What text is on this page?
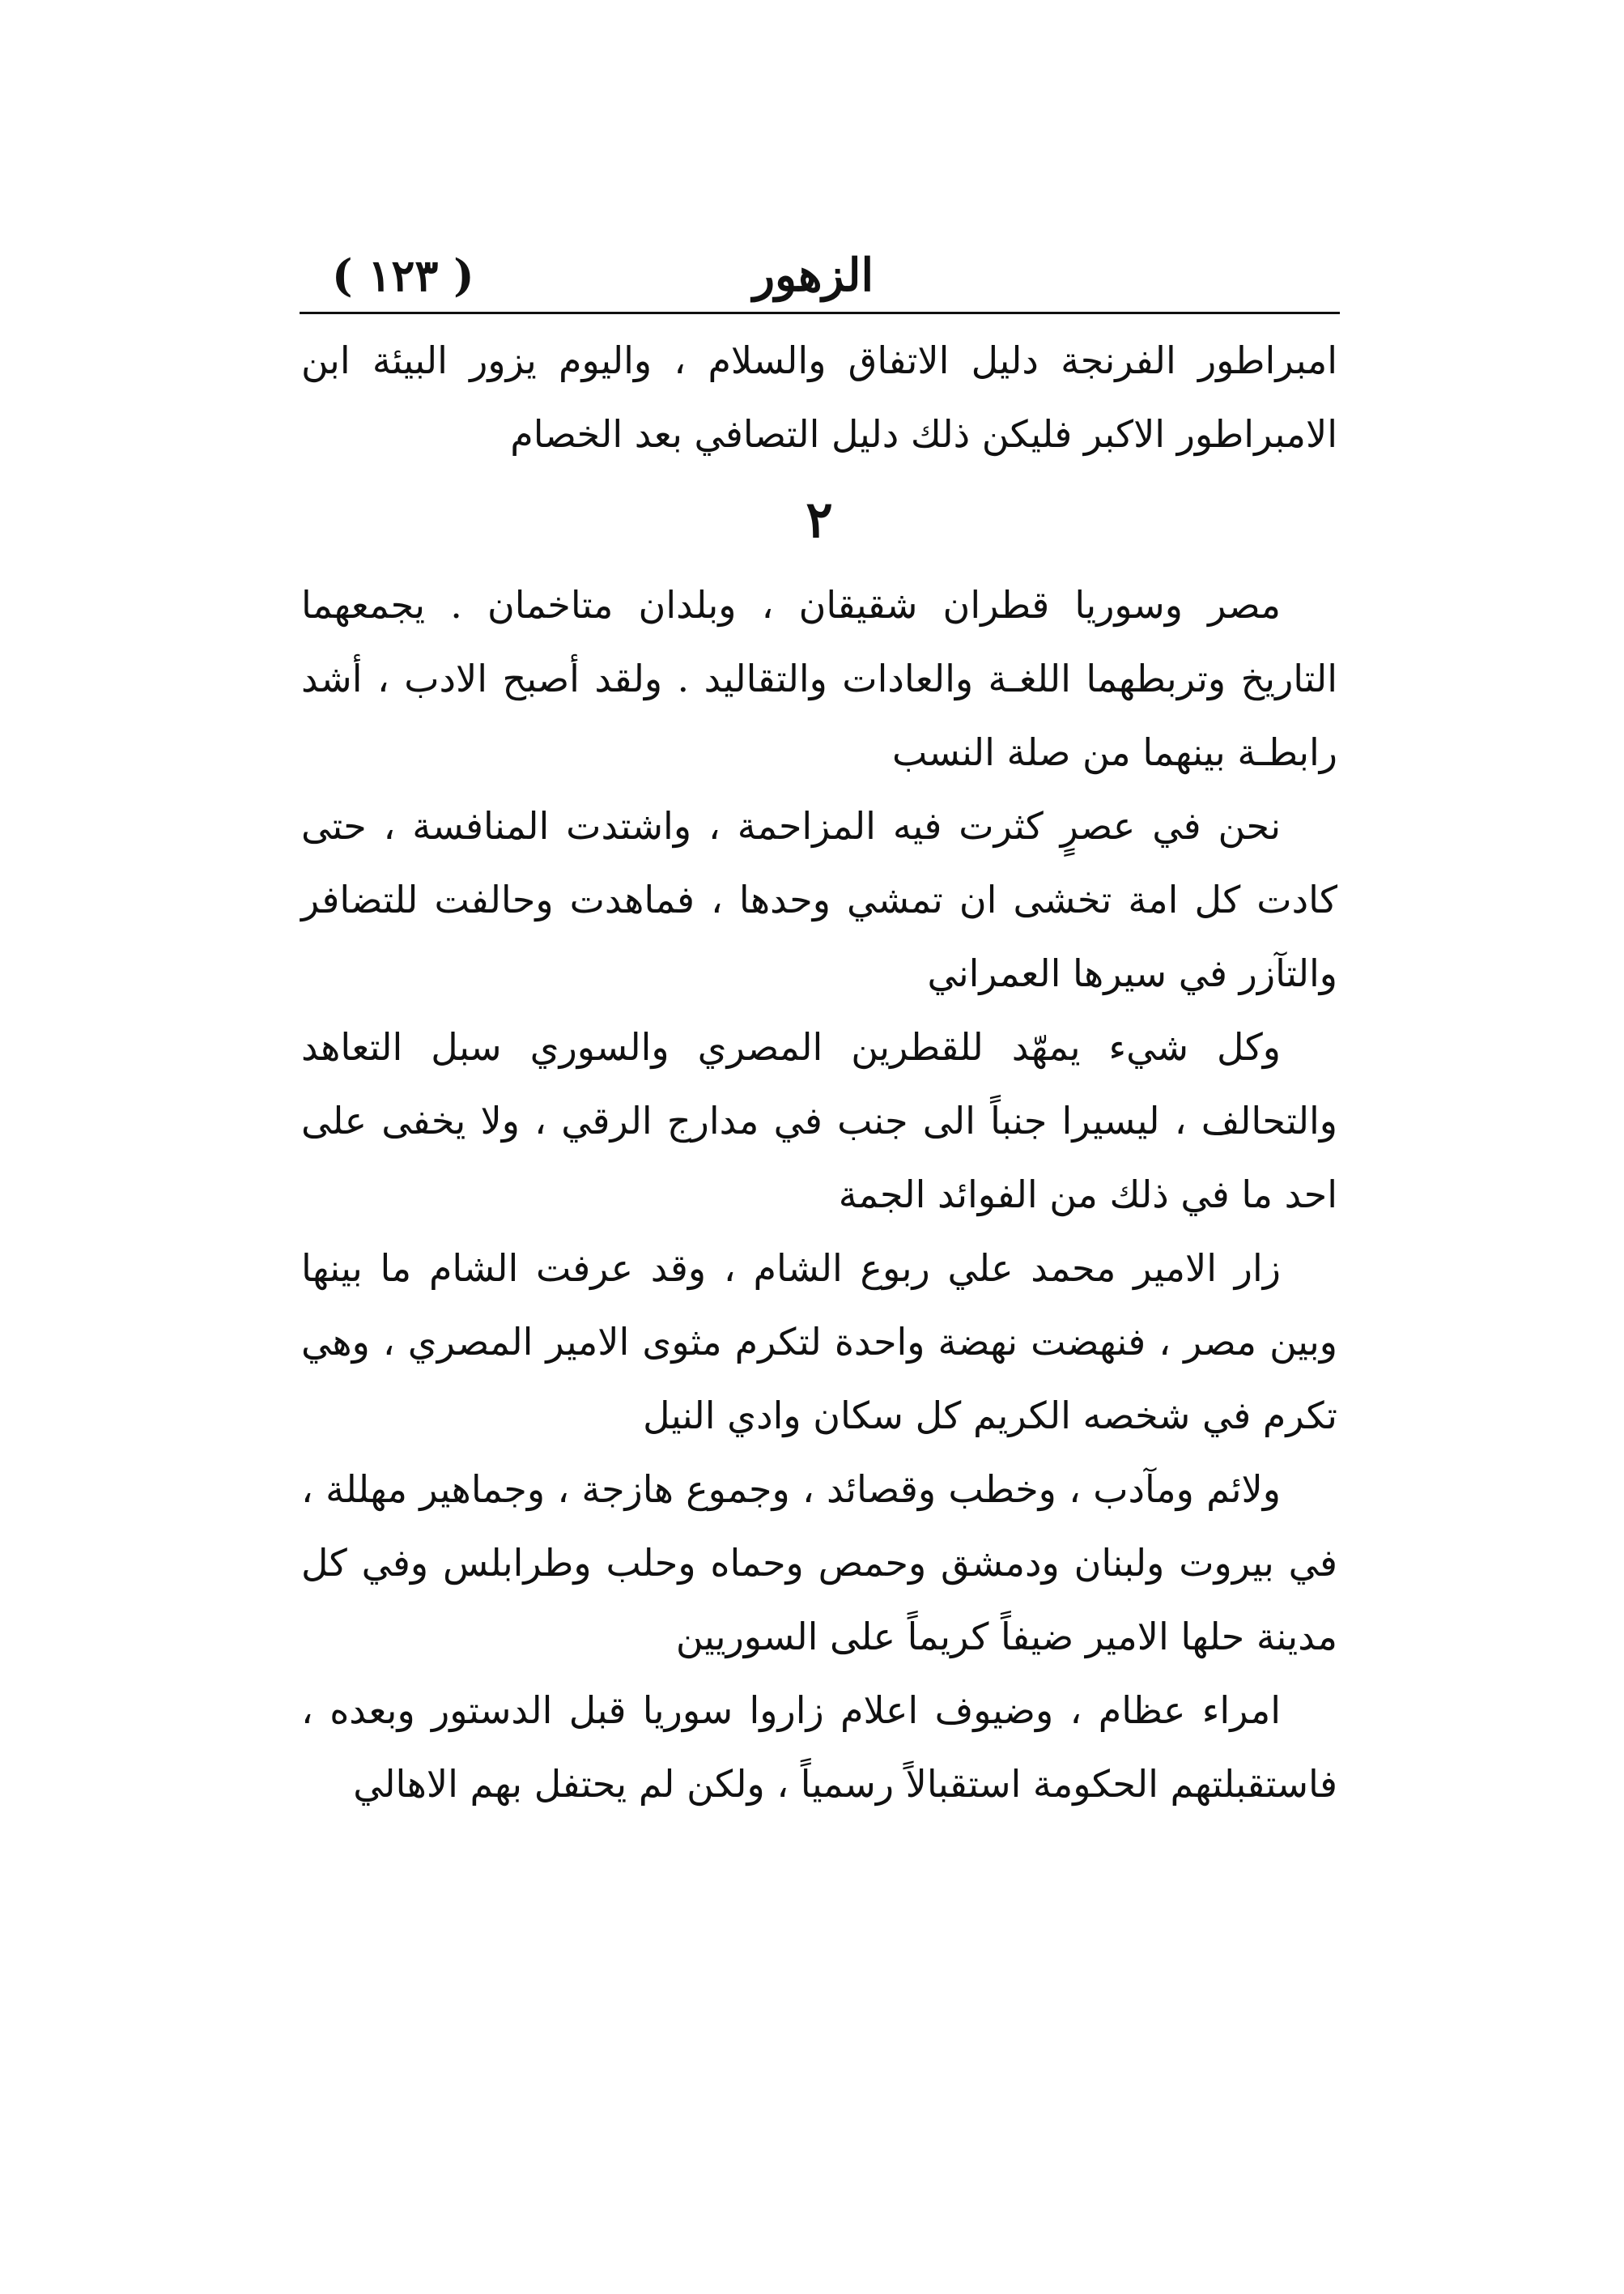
( ١٢٣ )	الزهور

امبراطور الفرنجة دليل الاتفاق والسلام ، واليوم يزور البيئة ابن الامبراطور الاكبر فليكن ذلك دليل التصافي بعد الخصام

٢

مصر وسوريا قطران شقيقان ، وبلدان متاخمان . يجمعهما التاريخ وتربطهما اللغـة والعادات والتقاليد . ولقد أصبح الادب ، أشد رابطـة بينهما من صلة النسب

نحن في عصرٍ كثرت فيه المزاحمة ، واشتدت المنافسة ، حتى كادت كل امة تخشى ان تمشي وحدها ، فماهدت وحالفت للتضافر والتآزر في سيرها العمراني

وكل شيء يمهّد للقطرين المصري والسوري سبل التعاهد والتحالف ، ليسيرا جنباً الى جنب في مدارج الرقي ، ولا يخفى على احد ما في ذلك من الفوائد الجمة

زار الامير محمد علي ربوع الشام ، وقد عرفت الشام ما بينها وبين مصر ، فنهضت نهضة واحدة لتكرم مثوى الامير المصري ، وهي تكرم في شخصه الكريم كل سكان وادي النيل

ولائم ومآدب ، وخطب وقصائد ، وجموع هازجة ، وجماهير مهللة ، في بيروت ولبنان ودمشق وحمص وحماه وحلب وطرابلس وفي كل مدينة حلها الامير ضيفاً كريماً على السوريين

امراء عظام ، وضيوف اعلام زاروا سوريا قبل الدستور وبعده ، فاستقبلتهم الحكومة استقبالاً رسمياً ، ولكن لم يحتفل بهم الاهالي
